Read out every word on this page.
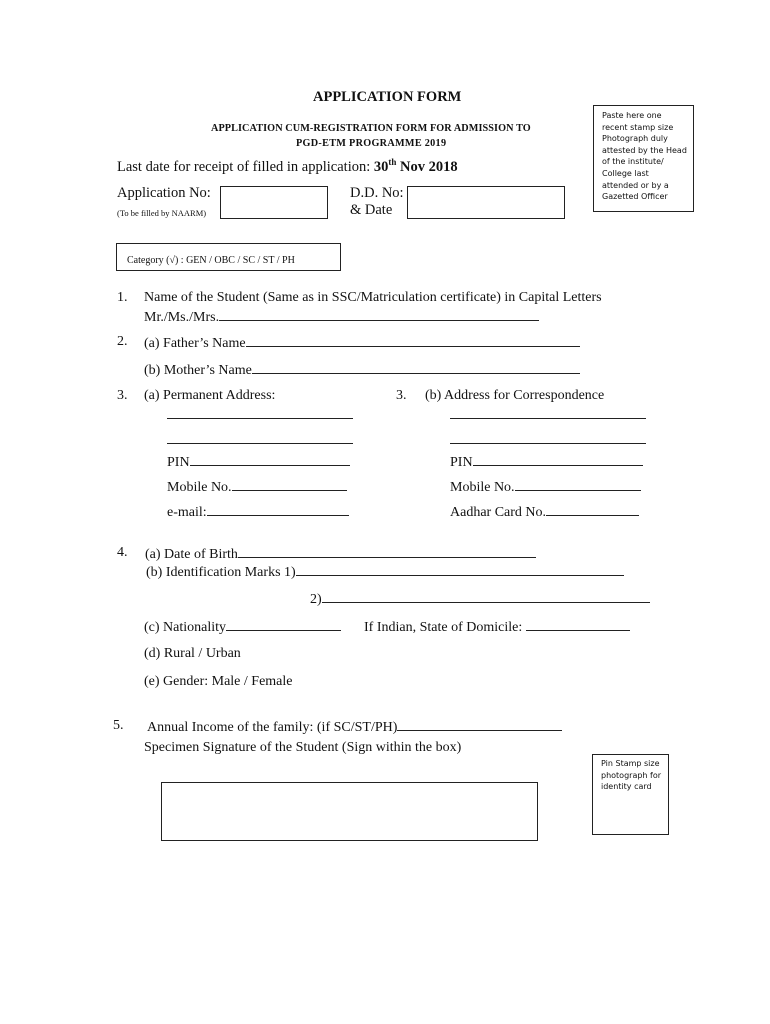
APPLICATION FORM
APPLICATION CUM-REGISTRATION FORM FOR ADMISSION TO
PGD-ETM PROGRAMME 2019
Last date for receipt of filled in application: 30th Nov 2018
Paste here one recent stamp size Photograph duly attested by the Head of the institute/ College last attended or by a Gazetted Officer
Application No:
(To be filled by NAARM)
D.D. No:
& Date
Category (√) : GEN / OBC / SC / ST / PH
1. Name of the Student (Same as in SSC/Matriculation certificate) in Capital Letters
Mr./Ms./Mrs.
2. (a) Father’s Name
(b) Mother’s Name
3. (a) Permanent Address:	3. (b) Address for Correspondence
PIN	PIN
Mobile No.	Mobile No.
e-mail:	Aadhar Card No.
4. (a) Date of Birth
(b) Identification Marks 1)
2)
(c) Nationality	If Indian, State of Domicile:
(d) Rural / Urban
(e) Gender: Male / Female
5. Annual Income of the family: (if SC/ST/PH)
Specimen Signature of the Student (Sign within the box)
Pin Stamp size photograph for identity card
